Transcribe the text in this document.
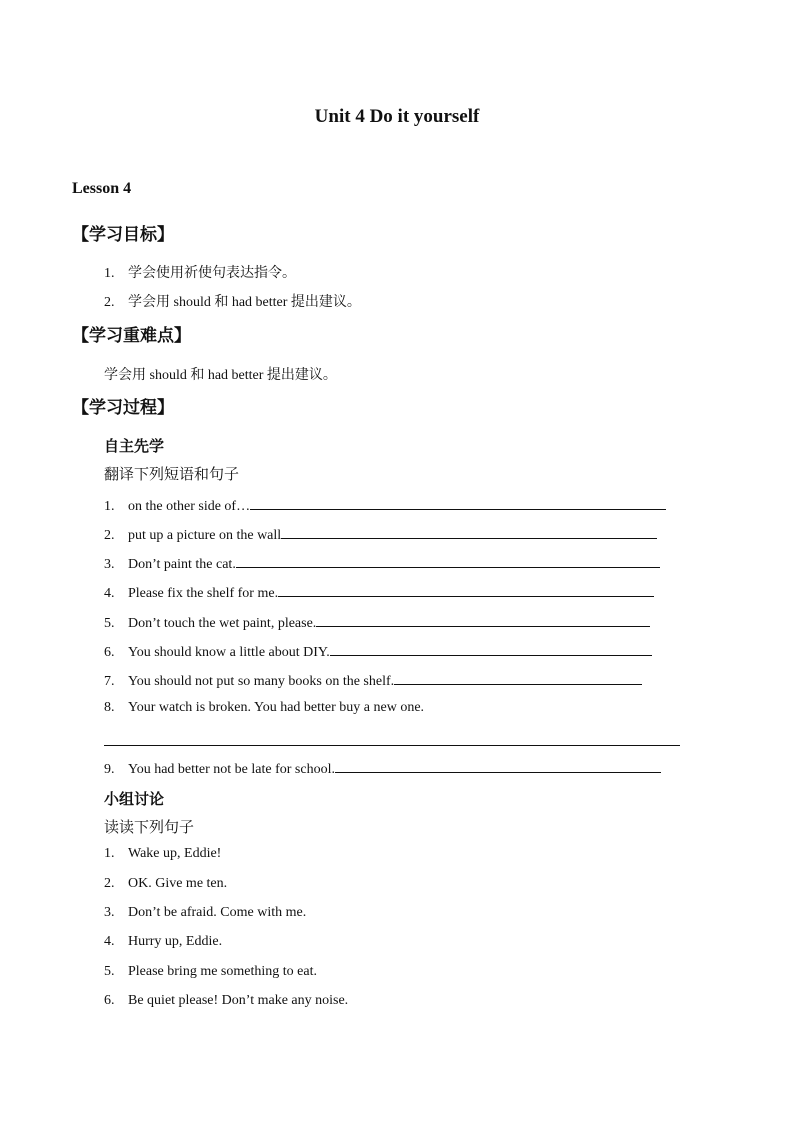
Unit 4 Do it yourself
Lesson 4
【学习目标】
1. 学会使用祈使句表达指令。
2. 学会用 should 和 had better 提出建议。
【学习重难点】
学会用 should 和 had better 提出建议。
【学习过程】
自主先学
翻译下列短语和句子
1. on the other side of…
2. put up a picture on the wall
3. Don’t paint the cat.
4. Please fix the shelf for me.
5. Don’t touch the wet paint, please.
6. You should know a little about DIY.
7. You should not put so many books on the shelf.
8. Your watch is broken. You had better buy a new one.
9. You had better not be late for school.
小组讨论
读读下列句子
1. Wake up, Eddie!
2. OK. Give me ten.
3. Don’t be afraid. Come with me.
4. Hurry up, Eddie.
5. Please bring me something to eat.
6. Be quiet please! Don’t make any noise.
